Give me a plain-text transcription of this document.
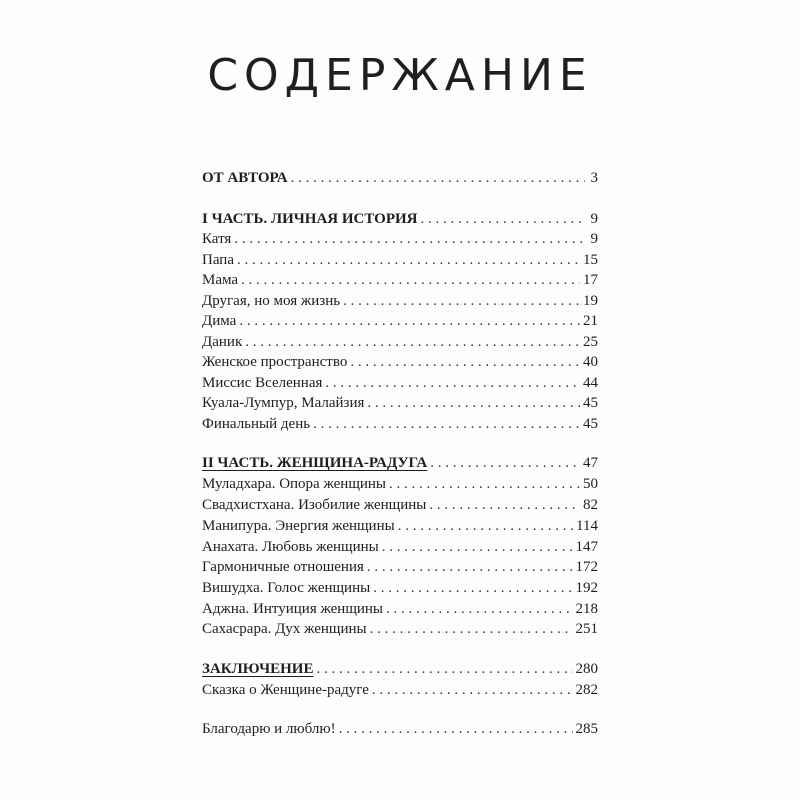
СОДЕРЖАНИЕ
ОТ АВТОРА . . .	3
I ЧАСТЬ. ЛИЧНАЯ ИСТОРИЯ . . .	9
Катя . . .	9
Папа . . .	15
Мама . . .	17
Другая, но моя жизнь . . .	19
Дима . . .	21
Даник . . .	25
Женское пространство . . .	40
Миссис Вселенная . . .	44
Куала-Лумпур, Малайзия . . .	45
Финальный день . . .	45
II ЧАСТЬ. ЖЕНЩИНА-РАДУГА . . .	47
Муладхара. Опора женщины . . .	50
Свадхистхана. Изобилие женщины . . .	82
Манипура. Энергия женщины . . .	114
Анахата. Любовь женщины . . .	147
Гармоничные отношения . . .	172
Вишудха. Голос женщины . . .	192
Аджна. Интуиция женщины . . .	218
Сахасрара. Дух женщины . . .	251
ЗАКЛЮЧЕНИЕ . . .	280
Сказка о Женщине-радуге . . .	282
Благодарю и люблю! . . .	285
